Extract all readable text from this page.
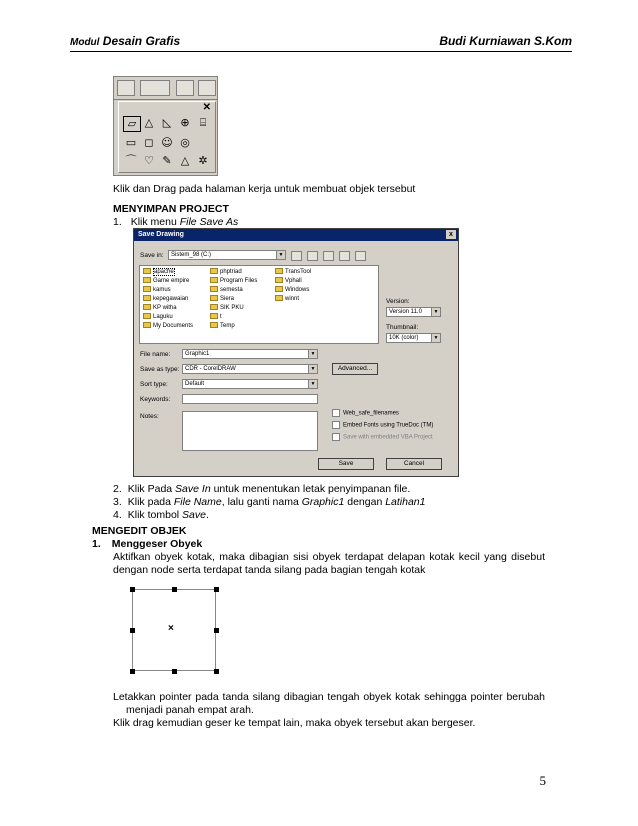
Modul Desain Grafis	Budi Kurniawan S.Kom
✕
▱ △ ◺ ⊕ ⌸
▭ ◻ ☺ ◎
⌒ ♡ ✎ △ ✲
Klik dan Drag pada halaman kerja untuk membuat objek tersebut
MENYIMPAN PROJECT
1. Klik menu File Save As
Save Drawing	x
Save in:	Sistem_98 (C:)	▼
apache
Game empire
kamus
kepegawaian
KP witha
Laguku
My Documents
phptriad
Program Files
semesta
Siera
SIK PKU
t
Temp
TransTool
Vphall
Windows
winnt	Version:
Version 11.0	▼
Thumbnail:
10K (color)	▼
File name:	Graphic1	▼
Save as type: CDR - CorelDRAW	▼
Sort type:	Default	▼
Keywords:
Notes:
Advanced...
Web_safe_filenames
Embed Fonts using TrueDoc (TM)
Save with embedded VBA Project
Save	Cancel
2. Klik Pada Save In untuk menentukan letak penyimpanan file.
3. Klik pada File Name, lalu ganti nama Graphic1 dengan Latihan1
4. Klik tombol Save.
MENGEDIT OBJEK
1. Menggeser Obyek
Aktifkan obyek kotak, maka dibagian sisi obyek terdapat delapan kotak kecil yang disebut
dengan node serta terdapat tanda silang pada bagian tengah kotak
×
Letakkan pointer pada tanda silang dibagian tengah obyek kotak sehingga pointer berubah
menjadi panah empat arah.
Klik drag kemudian geser ke tempat lain, maka obyek tersebut akan bergeser.
5
